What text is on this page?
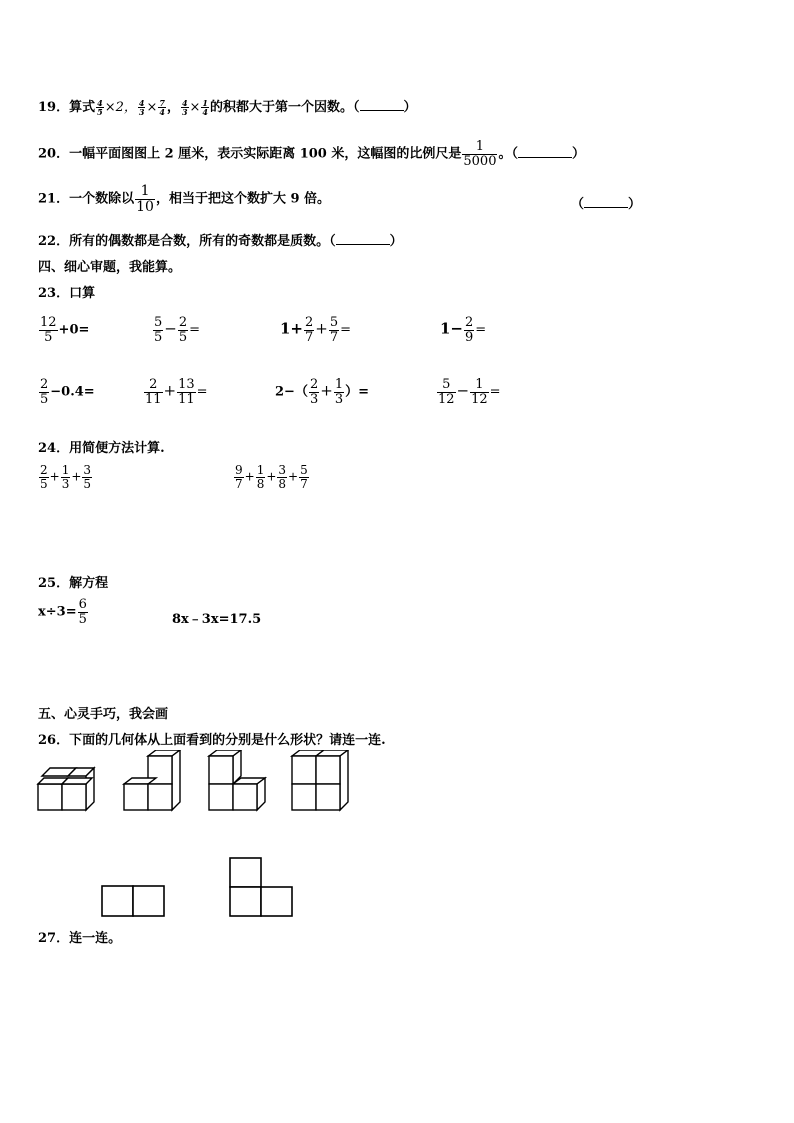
19．算式 $\frac{4}{5} \times 2$， $\frac{4}{3} \times \frac{7}{4}$ ， $\frac{4}{3} \times \frac{1}{4}$ 的积都大于第一个因数。（	）
20．一幅平面图图上 2 厘米，表示实际距离 100 米，这幅图的比例尺是 $\frac{1}{5000}$ 。（	）
21．一个数除以 $\frac{1}{10}$ ，相当于把这个数扩大 9 倍。	（	）
22．所有的偶数都是合数，所有的奇数都是质数。（	）
四、细心审题，我能算。
23．口算
$\frac{12}{5} +0=$	$\frac{5}{5} - \frac{2}{5}$ =	$1+ \frac{2}{7} + \frac{5}{7}$ =	$1- \frac{2}{9}$ =
$\frac{2}{5} -0.4=$	$\frac{2}{11} + \frac{13}{11}$ =	$2-( \frac{2}{3} + \frac{1}{3}$ ）=	$\frac{5}{12} - \frac{1}{12}$ =
24．用简便方法计算.
$\frac{2}{5} + \frac{1}{3} + \frac{3}{5}$	$\frac{9}{7} + \frac{1}{8} + \frac{3}{8} + \frac{5}{7}$
25．解方程
$x\div 3= \frac{6}{5}$	8x﹣3x=17.5
五、心灵手巧，我会画
26．下面的几何体从上面看到的分别是什么形状？请连一连.
27．连一连。
